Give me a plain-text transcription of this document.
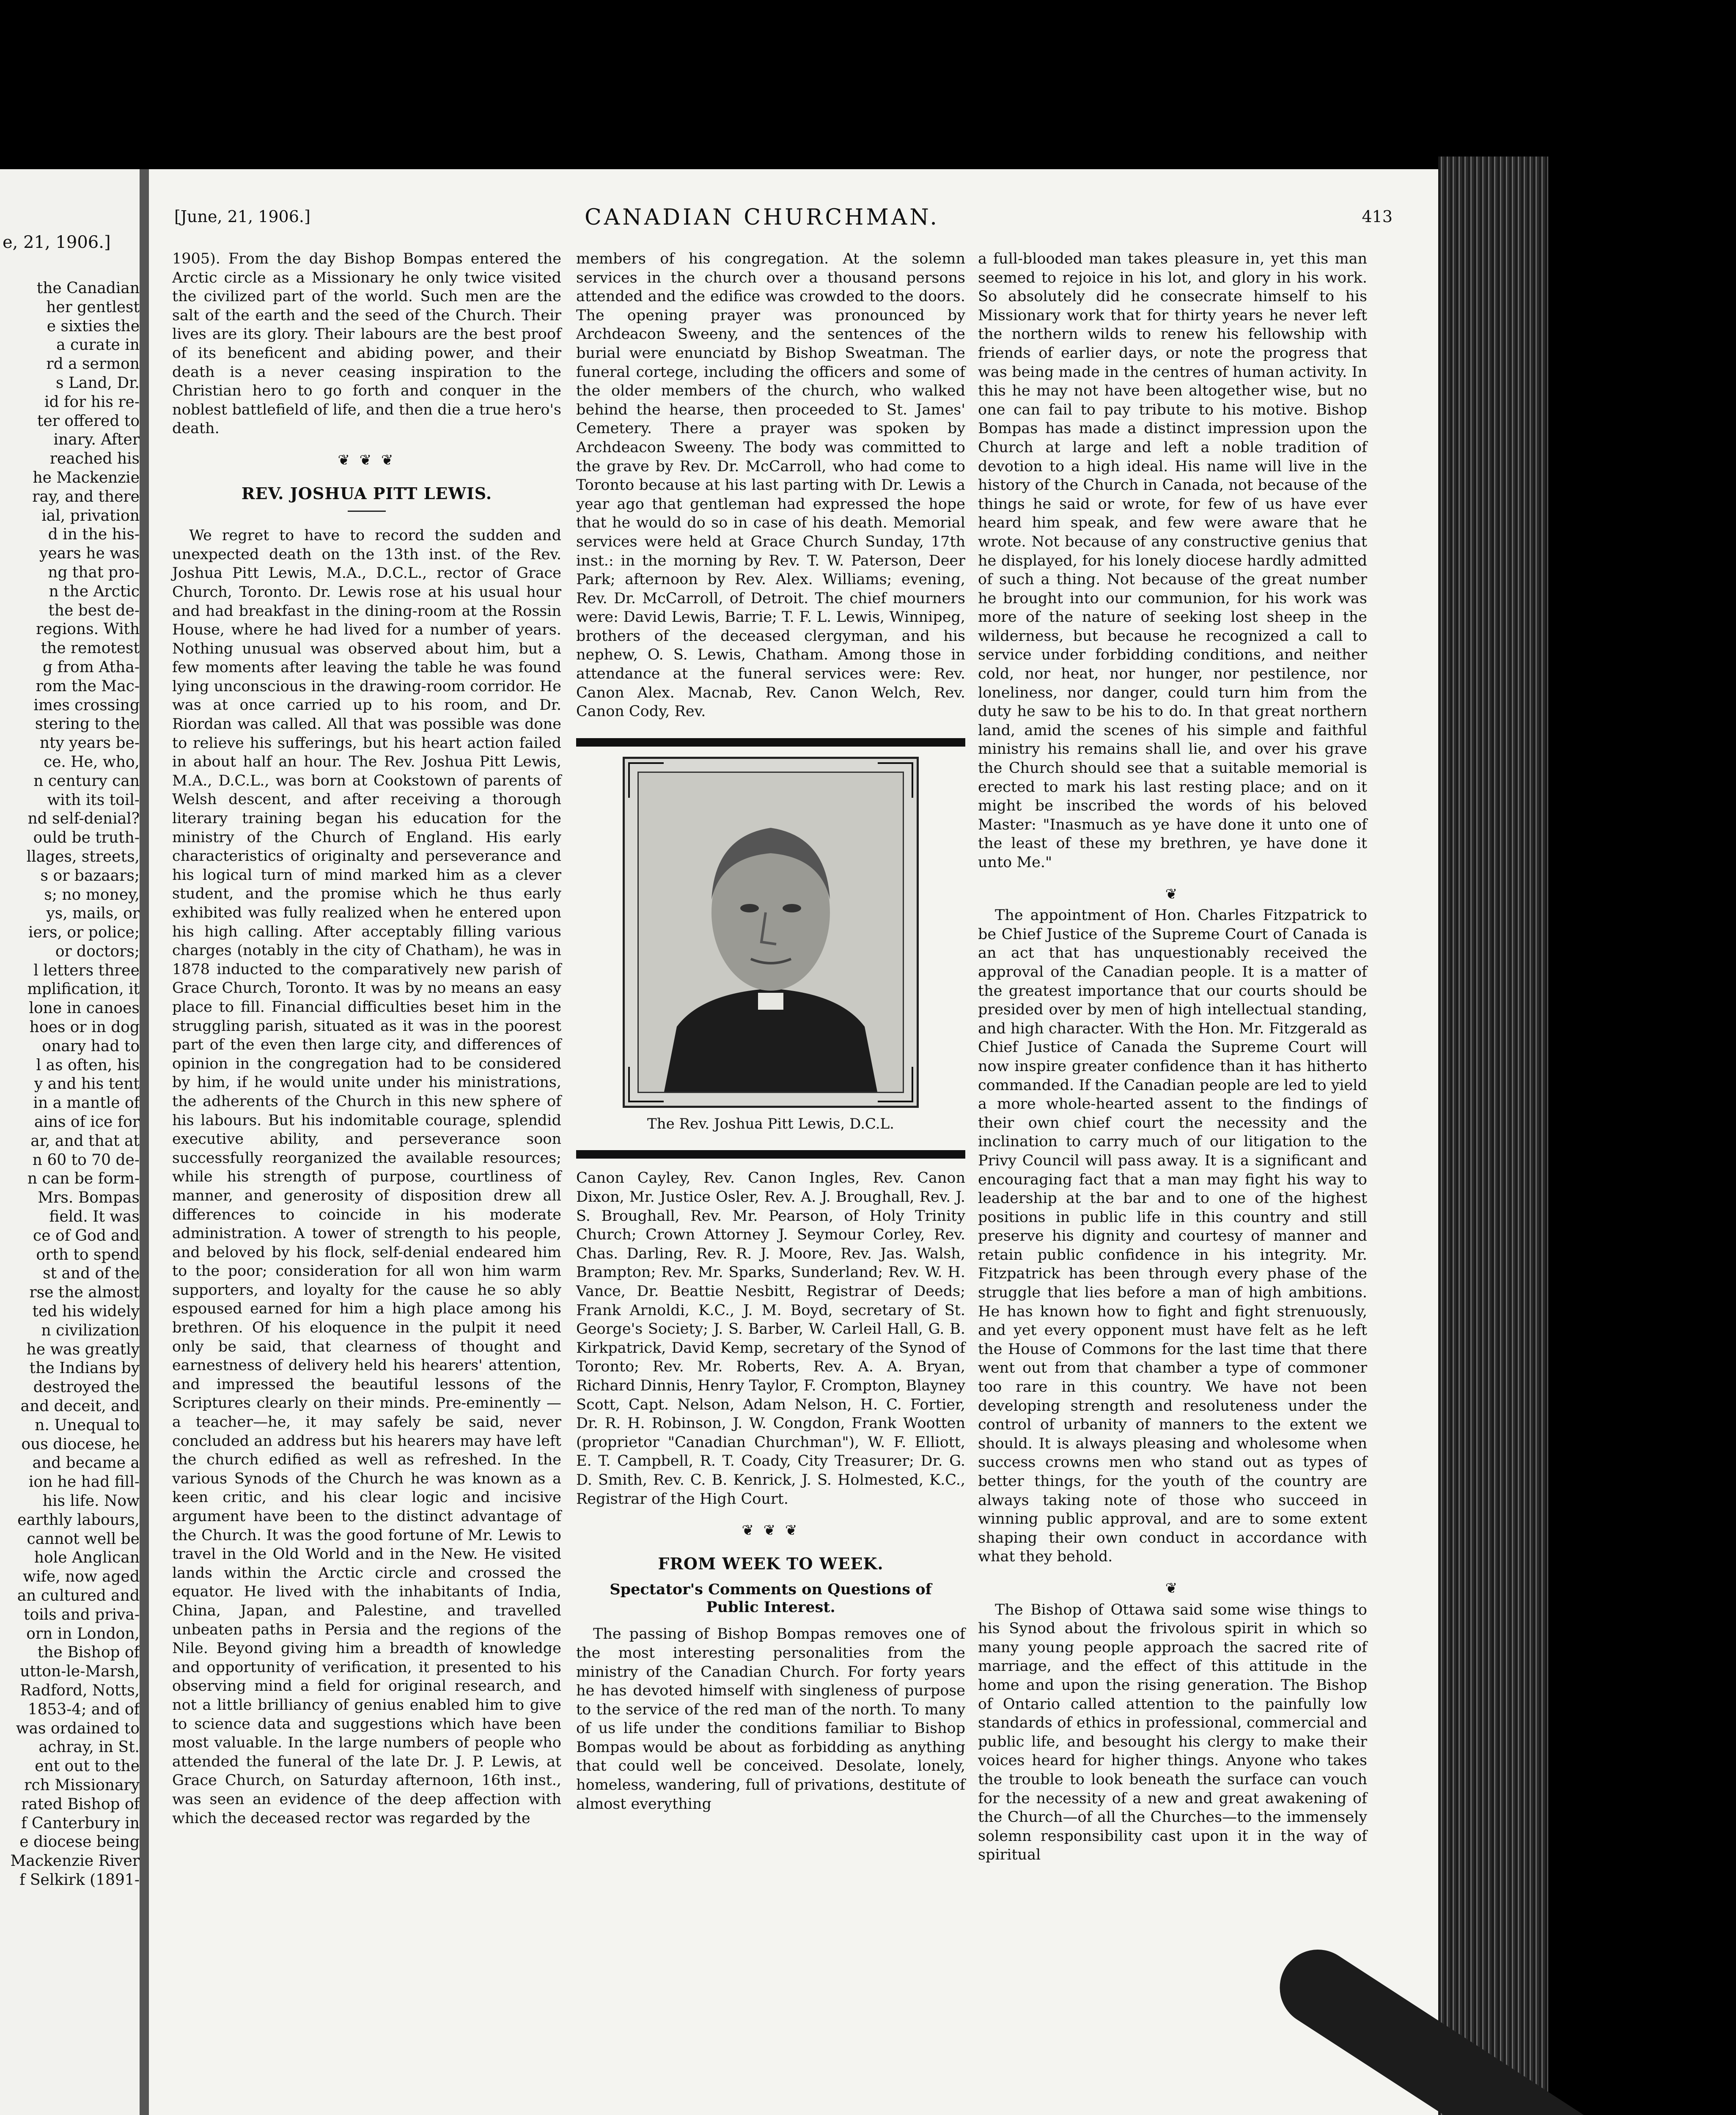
e, 21, 1906.]
the Canadian
her gentlest
e sixties the
a curate in
rd a sermon
s Land, Dr.
id for his re-
ter offered to
inary. After
reached his
he Mackenzie
ray, and there
ial, privation
d in the his-
years he was
ng that pro-
n the Arctic
the best de-
regions. With
the remotest
g from Atha-
rom the Mac-
imes crossing
stering to the
nty years be-
ce. He, who,
n century can
with its toil-
nd self-denial?
ould be truth-
llages, streets,
s or bazaars;
s; no money,
ys, mails, or
iers, or police;
or doctors;
l letters three
mplification, it
lone in canoes
hoes or in dog
onary had to
l as often, his
y and his tent
in a mantle of
ains of ice for
ar, and that at
n 60 to 70 de-
n can be form-
Mrs. Bompas
field. It was
ce of God and
orth to spend
st and of the
rse the almost
ted his widely
n civilization
he was greatly
the Indians by
destroyed the
and deceit, and
n. Unequal to
ous diocese, he
and became a
ion he had fill-
his life. Now
earthly labours,
cannot well be
hole Anglican
wife, now aged
an cultured and
toils and priva-
orn in London,
the Bishop of
utton-le-Marsh,
Radford, Notts,
1853-4; and of
was ordained to
achray, in St.
ent out to the
rch Missionary
rated Bishop of
f Canterbury in
e diocese being
Mackenzie River
f Selkirk (1891-
[June, 21, 1906.]	CANADIAN CHURCHMAN.	413

1905). From the day Bishop Bompas entered the Arctic circle as a Missionary he only twice visited the civilized part of the world. Such men are the salt of the earth and the seed of the Church. Their lives are its glory. Their labours are the best proof of its beneficent and abiding power, and their death is a never ceasing inspiration to the Christian hero to go forth and conquer in the noblest battlefield of life, and then die a true hero's death.

❦ ❦ ❦
REV. JOSHUA PITT LEWIS.

We regret to have to record the sudden and unexpected death on the 13th inst. of the Rev. Joshua Pitt Lewis, M.A., D.C.L., rector of Grace Church, Toronto. Dr. Lewis rose at his usual hour and had breakfast in the dining-room at the Rossin House, where he had lived for a number of years. Nothing unusual was observed about him, but a few moments after leaving the table he was found lying unconscious in the drawing-room corridor. He was at once carried up to his room, and Dr. Riordan was called. All that was possible was done to relieve his sufferings, but his heart action failed in about half an hour. The Rev. Joshua Pitt Lewis, M.A., D.C.L., was born at Cookstown of parents of Welsh descent, and after receiving a thorough literary training began his education for the ministry of the Church of England. His early characteristics of originalty and perseverance and his logical turn of mind marked him as a clever student, and the promise which he thus early exhibited was fully realized when he entered upon his high calling. After acceptably filling various charges (notably in the city of Chatham), he was in 1878 inducted to the comparatively new parish of Grace Church, Toronto. It was by no means an easy place to fill. Financial difficulties beset him in the struggling parish, situated as it was in the poorest part of the even then large city, and differences of opinion in the congregation had to be considered by him, if he would unite under his ministrations, the adherents of the Church in this new sphere of his labours. But his indomitable courage, splendid executive ability, and perseverance soon successfully reorganized the available resources; while his strength of purpose, courtliness of manner, and generosity of disposition drew all differences to coincide in his moderate administration. A tower of strength to his people, and beloved by his flock, self-denial endeared him to the poor; consideration for all won him warm supporters, and loyalty for the cause he so ably espoused earned for him a high place among his brethren. Of his eloquence in the pulpit it need only be said, that clearness of thought and earnestness of delivery held his hearers' attention, and impressed the beautiful lessons of the Scriptures clearly on their minds. Pre-eminently —a teacher—he, it may safely be said, never concluded an address but his hearers may have left the church edified as well as refreshed. In the various Synods of the Church he was known as a keen critic, and his clear logic and incisive argument have been to the distinct advantage of the Church. It was the good fortune of Mr. Lewis to travel in the Old World and in the New. He visited lands within the Arctic circle and crossed the equator. He lived with the inhabitants of India, China, Japan, and Palestine, and travelled unbeaten paths in Persia and the regions of the Nile. Beyond giving him a breadth of knowledge and opportunity of verification, it presented to his observing mind a field for original research, and not a little brilliancy of genius enabled him to give to science data and suggestions which have been most valuable. In the large numbers of people who attended the funeral of the late Dr. J. P. Lewis, at Grace Church, on Saturday afternoon, 16th inst., was seen an evidence of the deep affection with which the deceased rector was regarded by the

members of his congregation. At the solemn services in the church over a thousand persons attended and the edifice was crowded to the doors. The opening prayer was pronounced by Archdeacon Sweeny, and the sentences of the burial were enunciatd by Bishop Sweatman. The funeral cortege, including the officers and some of the older members of the church, who walked behind the hearse, then proceeded to St. James' Cemetery. There a prayer was spoken by Archdeacon Sweeny. The body was committed to the grave by Rev. Dr. McCarroll, who had come to Toronto because at his last parting with Dr. Lewis a year ago that gentleman had expressed the hope that he would do so in case of his death. Memorial services were held at Grace Church Sunday, 17th inst.: in the morning by Rev. T. W. Paterson, Deer Park; afternoon by Rev. Alex. Williams; evening, Rev. Dr. McCarroll, of Detroit. The chief mourners were: David Lewis, Barrie; T. F. L. Lewis, Winnipeg, brothers of the deceased clergyman, and his nephew, O. S. Lewis, Chatham. Among those in attendance at the funeral services were: Rev. Canon Alex. Macnab, Rev. Canon Welch, Rev. Canon Cody, Rev.

The Rev. Joshua Pitt Lewis, D.C.L.

Canon Cayley, Rev. Canon Ingles, Rev. Canon Dixon, Mr. Justice Osler, Rev. A. J. Broughall, Rev. J. S. Broughall, Rev. Mr. Pearson, of Holy Trinity Church; Crown Attorney J. Seymour Corley, Rev. Chas. Darling, Rev. R. J. Moore, Rev. Jas. Walsh, Brampton; Rev. Mr. Sparks, Sunderland; Rev. W. H. Vance, Dr. Beattie Nesbitt, Registrar of Deeds; Frank Arnoldi, K.C., J. M. Boyd, secretary of St. George's Society; J. S. Barber, W. Carleil Hall, G. B. Kirkpatrick, David Kemp, secretary of the Synod of Toronto; Rev. Mr. Roberts, Rev. A. A. Bryan, Richard Dinnis, Henry Taylor, F. Crompton, Blayney Scott, Capt. Nelson, Adam Nelson, H. C. Fortier, Dr. R. H. Robinson, J. W. Congdon, Frank Wootten (proprietor "Canadian Churchman"), W. F. Elliott, E. T. Campbell, R. T. Coady, City Treasurer; Dr. G. D. Smith, Rev. C. B. Kenrick, J. S. Holmested, K.C., Registrar of the High Court.

❦ ❦ ❦
FROM WEEK TO WEEK.
Spectator's Comments on Questions of Public Interest.

The passing of Bishop Bompas removes one of the most interesting personalities from the ministry of the Canadian Church. For forty years he has devoted himself with singleness of purpose to the service of the red man of the north. To many of us life under the conditions familiar to Bishop Bompas would be about as forbidding as anything that could well be conceived. Desolate, lonely, homeless, wandering, full of privations, destitute of almost everything

a full-blooded man takes pleasure in, yet this man seemed to rejoice in his lot, and glory in his work. So absolutely did he consecrate himself to his Missionary work that for thirty years he never left the northern wilds to renew his fellowship with friends of earlier days, or note the progress that was being made in the centres of human activity. In this he may not have been altogether wise, but no one can fail to pay tribute to his motive. Bishop Bompas has made a distinct impression upon the Church at large and left a noble tradition of devotion to a high ideal. His name will live in the history of the Church in Canada, not because of the things he said or wrote, for few of us have ever heard him speak, and few were aware that he wrote. Not because of any constructive genius that he displayed, for his lonely diocese hardly admitted of such a thing. Not because of the great number he brought into our communion, for his work was more of the nature of seeking lost sheep in the wilderness, but because he recognized a call to service under forbidding conditions, and neither cold, nor heat, nor hunger, nor pestilence, nor loneliness, nor danger, could turn him from the duty he saw to be his to do. In that great northern land, amid the scenes of his simple and faithful ministry his remains shall lie, and over his grave the Church should see that a suitable memorial is erected to mark his last resting place; and on it might be inscribed the words of his beloved Master: "Inasmuch as ye have done it unto one of the least of these my brethren, ye have done it unto Me."

❦

The appointment of Hon. Charles Fitzpatrick to be Chief Justice of the Supreme Court of Canada is an act that has unquestionably received the approval of the Canadian people. It is a matter of the greatest importance that our courts should be presided over by men of high intellectual standing, and high character. With the Hon. Mr. Fitzgerald as Chief Justice of Canada the Supreme Court will now inspire greater confidence than it has hitherto commanded. If the Canadian people are led to yield a more whole-hearted assent to the findings of their own chief court the necessity and the inclination to carry much of our litigation to the Privy Council will pass away. It is a significant and encouraging fact that a man may fight his way to leadership at the bar and to one of the highest positions in public life in this country and still preserve his dignity and courtesy of manner and retain public confidence in his integrity. Mr. Fitzpatrick has been through every phase of the struggle that lies before a man of high ambitions. He has known how to fight and fight strenuously, and yet every opponent must have felt as he left the House of Commons for the last time that there went out from that chamber a type of commoner too rare in this country. We have not been developing strength and resoluteness under the control of urbanity of manners to the extent we should. It is always pleasing and wholesome when success crowns men who stand out as types of better things, for the youth of the country are always taking note of those who succeed in winning public approval, and are to some extent shaping their own conduct in accordance with what they behold.

❦

The Bishop of Ottawa said some wise things to his Synod about the frivolous spirit in which so many young people approach the sacred rite of marriage, and the effect of this attitude in the home and upon the rising generation. The Bishop of Ontario called attention to the painfully low standards of ethics in professional, commercial and public life, and besought his clergy to make their voices heard for higher things. Anyone who takes the trouble to look beneath the surface can vouch for the necessity of a new and great awakening of the Church—of all the Churches—to the immensely solemn responsibility cast upon it in the way of spiritual
